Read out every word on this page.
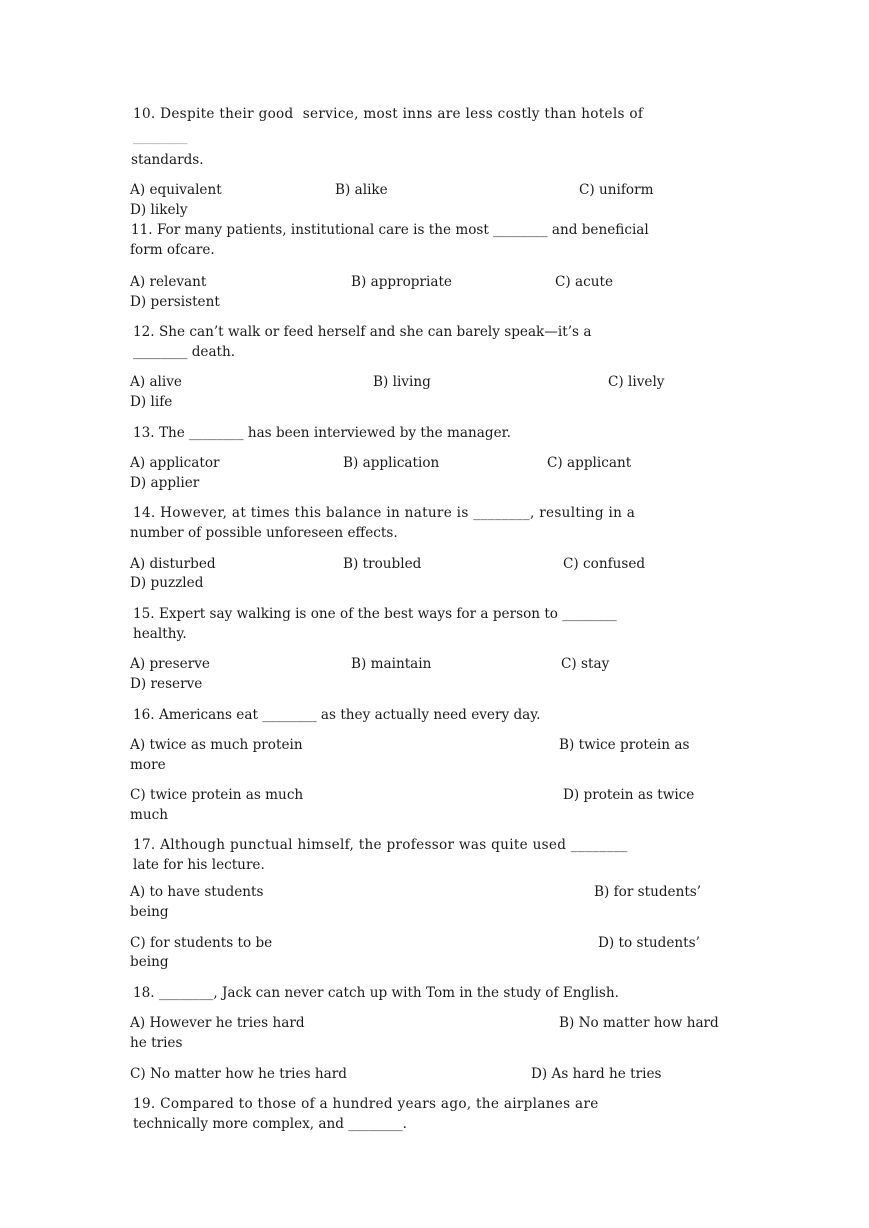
10. Despite their good  service, most inns are less costly than hotels of
________
standards.
A) equivalent	B) alike	C) uniform
D) likely
11. For many patients, institutional care is the most ________ and beneficial
form ofcare.
A) relevant	B) appropriate	C) acute
D) persistent
12. She can’t walk or feed herself and she can barely speak—it’s a
________ death.
A) alive	B) living	C) lively
D) life
13. The ________ has been interviewed by the manager.
A) applicator	B) application	C) applicant
D) applier
14. However, at times this balance in nature is ________, resulting in a
number of possible unforeseen effects.
A) disturbed	B) troubled	C) confused
D) puzzled
15. Expert say walking is one of the best ways for a person to ________
healthy.
A) preserve	B) maintain	C) stay
D) reserve
16. Americans eat ________ as they actually need every day.
A) twice as much protein	B) twice protein as
more
C) twice protein as much	D) protein as twice
much
17. Although punctual himself, the professor was quite used ________
late for his lecture.
A) to have students	B) for students’
being
C) for students to be	D) to students’
being
18. ________, Jack can never catch up with Tom in the study of English.
A) However he tries hard	B) No matter how hard
he tries
C) No matter how he tries hard	D) As hard he tries
19. Compared to those of a hundred years ago, the airplanes are
technically more complex, and ________.
